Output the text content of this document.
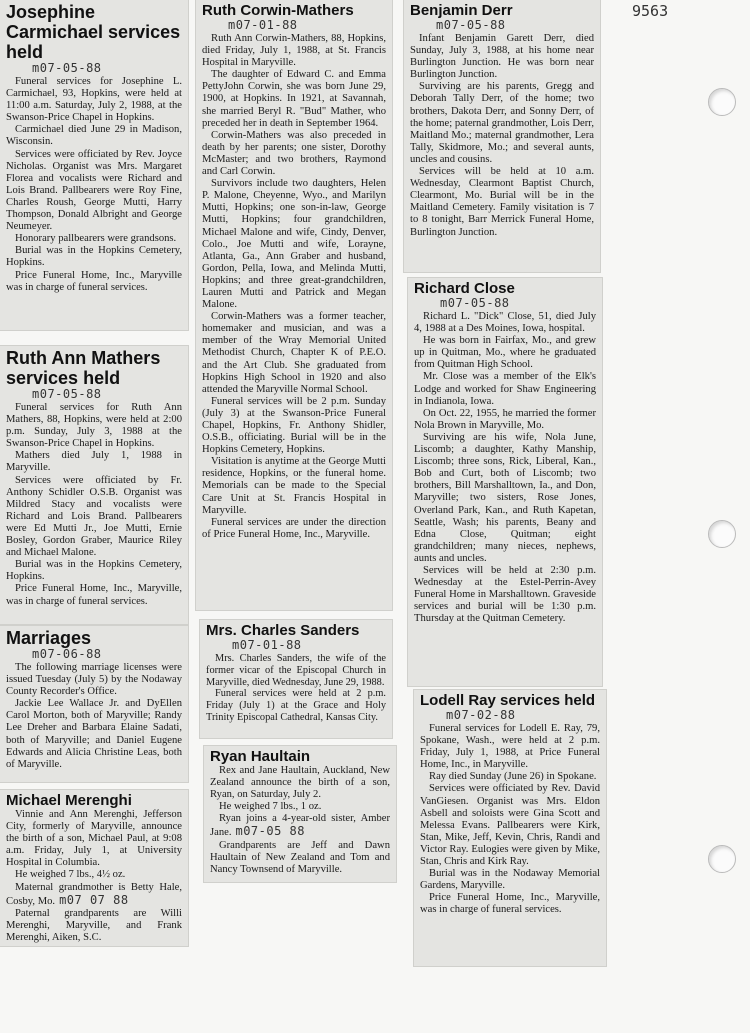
9563
Josephine Carmichael services held
m07-05-88

Funeral services for Josephine L. Carmichael, 93, Hopkins, were held at 11:00 a.m. Saturday, July 2, 1988, at the Swanson-Price Chapel in Hopkins.

Carmichael died June 29 in Madison, Wisconsin.

Services were officiated by Rev. Joyce Nicholas. Organist was Mrs. Margaret Florea and vocalists were Richard and Lois Brand. Pallbearers were Roy Fine, Charles Roush, George Mutti, Harry Thompson, Donald Albright and George Neumeyer.

Honorary pallbearers were grandsons.

Burial was in the Hopkins Cemetery, Hopkins.

Price Funeral Home, Inc., Maryville was in charge of funeral services.

Ruth Ann Mathers services held
m07-05-88

Funeral services for Ruth Ann Mathers, 88, Hopkins, were held at 2:00 p.m. Sunday, July 3, 1988 at the Swanson-Price Chapel in Hopkins.

Mathers died July 1, 1988 in Maryville.

Services were officiated by Fr. Anthony Schidler O.S.B. Organist was Mildred Stacy and vocalists were Richard and Lois Brand. Pallbearers were Ed Mutti Jr., Joe Mutti, Ernie Bosley, Gordon Graber, Maurice Riley and Michael Malone.

Burial was in the Hopkins Cemetery, Hopkins.

Price Funeral Home, Inc., Maryville, was in charge of funeral services.

Marriages
m07-06-88

The following marriage licenses were issued Tuesday (July 5) by the Nodaway County Recorder's Office.

Jackie Lee Wallace Jr. and DyEllen Carol Morton, both of Maryville; Randy Lee Dreher and Barbara Elaine Sadati, both of Maryville; and Daniel Eugene Edwards and Alicia Christine Leas, both of Maryville.

Michael Merenghi

Vinnie and Ann Merenghi, Jefferson City, formerly of Maryville, announce the birth of a son, Michael Paul, at 9:08 a.m. Friday, July 1, at University Hospital in Columbia.

He weighed 7 lbs., 4½ oz.

Maternal grandmother is Betty Hale, Cosby, Mo. m07 07 88

Paternal grandparents are Willi Merenghi, Maryville, and Frank Merenghi, Aiken, S.C.

Ruth Corwin-Mathers
m07-01-88

Ruth Ann Corwin-Mathers, 88, Hopkins, died Friday, July 1, 1988, at St. Francis Hospital in Maryville.

The daughter of Edward C. and Emma PettyJohn Corwin, she was born June 29, 1900, at Hopkins. In 1921, at Savannah, she married Beryl R. "Bud" Mather, who preceded her in death in September 1964.

Corwin-Mathers was also preceded in death by her parents; one sister, Dorothy McMaster; and two brothers, Raymond and Carl Corwin.

Survivors include two daughters, Helen P. Malone, Cheyenne, Wyo., and Marilyn Mutti, Hopkins; one son-in-law, George Mutti, Hopkins; four grandchildren, Michael Malone and wife, Cindy, Denver, Colo., Joe Mutti and wife, Lorayne, Atlanta, Ga., Ann Graber and husband, Gordon, Pella, Iowa, and Melinda Mutti, Hopkins; and three great-grandchildren, Lauren Mutti and Patrick and Megan Malone.

Corwin-Mathers was a former teacher, homemaker and musician, and was a member of the Wray Memorial United Methodist Church, Chapter K of P.E.O. and the Art Club. She graduated from Hopkins High School in 1920 and also attended the Maryville Normal School.

Funeral services will be 2 p.m. Sunday (July 3) at the Swanson-Price Funeral Chapel, Hopkins, Fr. Anthony Shidler, O.S.B., officiating. Burial will be in the Hopkins Cemetery, Hopkins.

Visitation is anytime at the George Mutti residence, Hopkins, or the funeral home. Memorials can be made to the Special Care Unit at St. Francis Hospital in Maryville.

Funeral services are under the direction of Price Funeral Home, Inc., Maryville.

Mrs. Charles Sanders
m07-01-88

Mrs. Charles Sanders, the wife of the former vicar of the Episcopal Church in Maryville, died Wednesday, June 29, 1988.

Funeral services were held at 2 p.m. Friday (July 1) at the Grace and Holy Trinity Episcopal Cathedral, Kansas City.

Ryan Haultain

Rex and Jane Haultain, Auckland, New Zealand announce the birth of a son, Ryan, on Saturday, July 2.

He weighed 7 lbs., 1 oz.

Ryan joins a 4-year-old sister, Amber Jane. m07-05 88

Grandparents are Jeff and Dawn Haultain of New Zealand and Tom and Nancy Townsend of Maryville.

Benjamin Derr
m07-05-88

Infant Benjamin Garett Derr, died Sunday, July 3, 1988, at his home near Burlington Junction. He was born near Burlington Junction.

Surviving are his parents, Gregg and Deborah Tally Derr, of the home; two brothers, Dakota Derr, and Sonny Derr, of the home; paternal grandmother, Lois Derr, Maitland Mo.; maternal grandmother, Lera Tally, Skidmore, Mo.; and several aunts, uncles and cousins.

Services will be held at 10 a.m. Wednesday, Clearmont Baptist Church, Clearmont, Mo. Burial will be in the Maitland Cemetery. Family visitation is 7 to 8 tonight, Barr Merrick Funeral Home, Burlington Junction.

Richard Close
m07-05-88

Richard L. "Dick" Close, 51, died July 4, 1988 at a Des Moines, Iowa, hospital.

He was born in Fairfax, Mo., and grew up in Quitman, Mo., where he graduated from Quitman High School.

Mr. Close was a member of the Elk's Lodge and worked for Shaw Engineering in Indianola, Iowa.

On Oct. 22, 1955, he married the former Nola Brown in Maryville, Mo.

Surviving are his wife, Nola June, Liscomb; a daughter, Kathy Manship, Liscomb; three sons, Rick, Liberal, Kan., Bob and Curt, both of Liscomb; two brothers, Bill Marshalltown, Ia., and Don, Maryville; two sisters, Rose Jones, Overland Park, Kan., and Ruth Kapetan, Seattle, Wash; his parents, Beany and Edna Close, Quitman; eight grandchildren; many nieces, nephews, aunts and uncles.

Services will be held at 2:30 p.m. Wednesday at the Estel-Perrin-Avey Funeral Home in Marshalltown. Graveside services and burial will be 1:30 p.m. Thursday at the Quitman Cemetery.

Lodell Ray services held
m07-02-88

Funeral services for Lodell E. Ray, 79, Spokane, Wash., were held at 2 p.m. Friday, July 1, 1988, at Price Funeral Home, Inc., in Maryville.

Ray died Sunday (June 26) in Spokane.

Services were officiated by Rev. David VanGiesen. Organist was Mrs. Eldon Asbell and soloists were Gina Scott and Melessa Evans. Pallbearers were Kirk, Stan, Mike, Jeff, Kevin, Chris, Randi and Victor Ray. Eulogies were given by Mike, Stan, Chris and Kirk Ray.

Burial was in the Nodaway Memorial Gardens, Maryville.

Price Funeral Home, Inc., Maryville, was in charge of funeral services.
